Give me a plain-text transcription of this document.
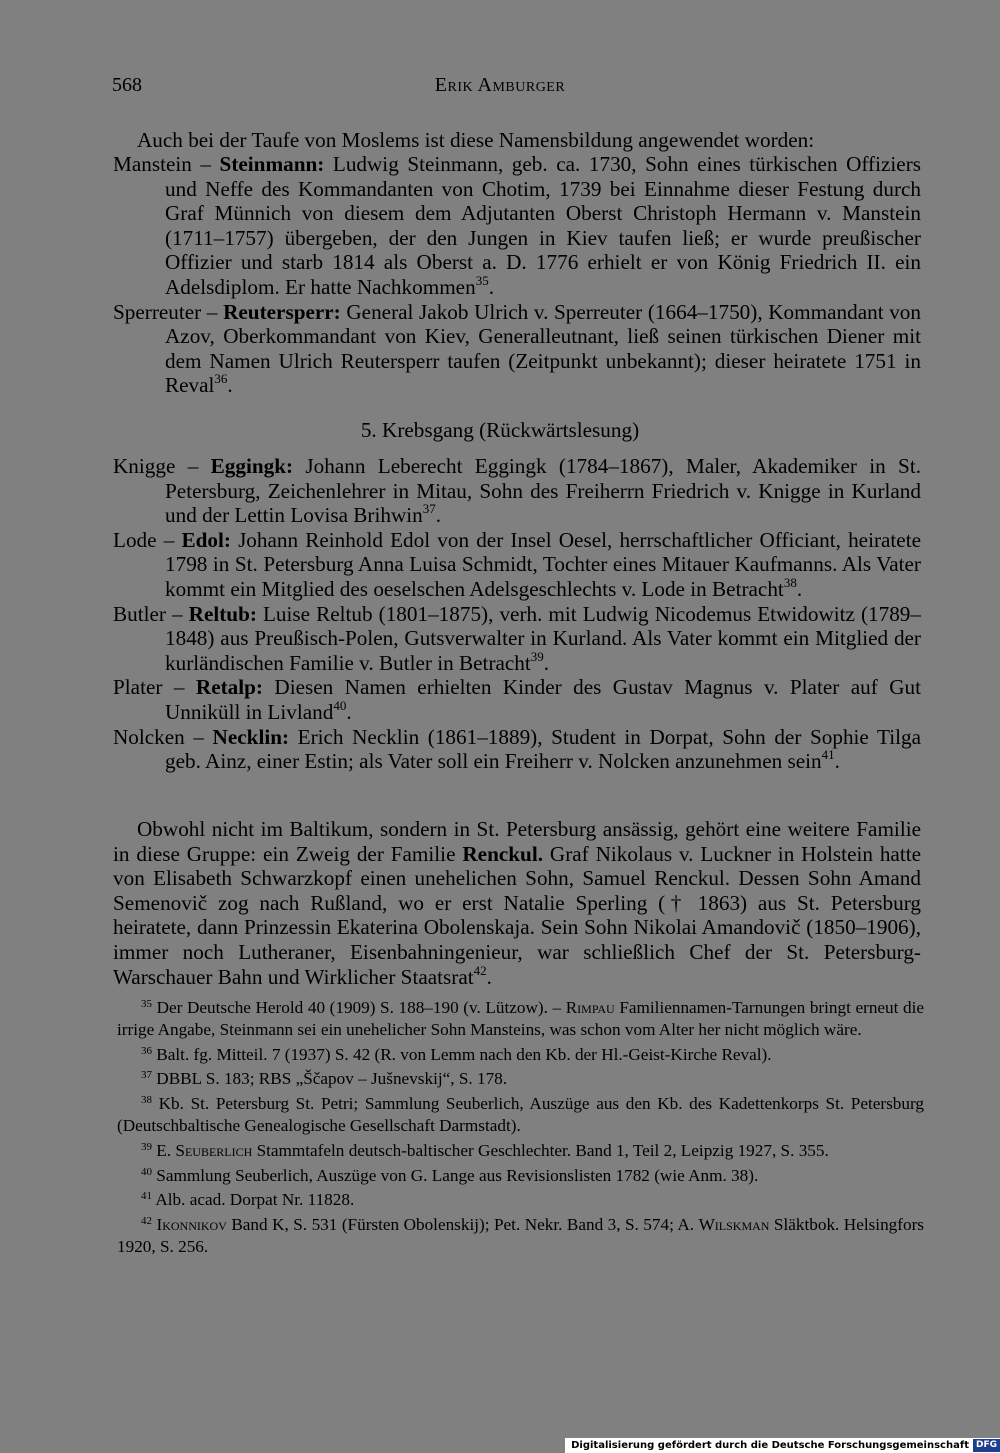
568	Erik Amburger
Auch bei der Taufe von Moslems ist diese Namensbildung angewendet worden:
Manstein – Steinmann: Ludwig Steinmann, geb. ca. 1730, Sohn eines türkischen Offiziers und Neffe des Kommandanten von Chotim, 1739 bei Einnahme dieser Festung durch Graf Münnich von diesem dem Adjutanten Oberst Christoph Hermann v. Manstein (1711–1757) übergeben, der den Jungen in Kiev taufen ließ; er wurde preußischer Offizier und starb 1814 als Oberst a. D. 1776 erhielt er von König Friedrich II. ein Adelsdiplom. Er hatte Nachkommen$^{35}$.
Sperreuter – Reutersperr: General Jakob Ulrich v. Sperreuter (1664–1750), Kommandant von Azov, Oberkommandant von Kiev, Generalleutnant, ließ seinen türkischen Diener mit dem Namen Ulrich Reutersperr taufen (Zeitpunkt unbekannt); dieser heiratete 1751 in Reval$^{36}$.
5. Krebsgang (Rückwärtslesung)
Knigge – Eggingk: Johann Leberecht Eggingk (1784–1867), Maler, Akademiker in St. Petersburg, Zeichenlehrer in Mitau, Sohn des Freiherrn Friedrich v. Knigge in Kurland und der Lettin Lovisa Brihwin$^{37}$.
Lode – Edol: Johann Reinhold Edol von der Insel Oesel, herrschaftlicher Officiant, heiratete 1798 in St. Petersburg Anna Luisa Schmidt, Tochter eines Mitauer Kaufmanns. Als Vater kommt ein Mitglied des oeselschen Adelsgeschlechts v. Lode in Betracht$^{38}$.
Butler – Reltub: Luise Reltub (1801–1875), verh. mit Ludwig Nicodemus Etwidowitz (1789–1848) aus Preußisch-Polen, Gutsverwalter in Kurland. Als Vater kommt ein Mitglied der kurländischen Familie v. Butler in Betracht$^{39}$.
Plater – Retalp: Diesen Namen erhielten Kinder des Gustav Magnus v. Plater auf Gut Unniküll in Livland$^{40}$.
Nolcken – Necklin: Erich Necklin (1861–1889), Student in Dorpat, Sohn der Sophie Tilga geb. Ainz, einer Estin; als Vater soll ein Freiherr v. Nolcken anzunehmen sein$^{41}$.
Obwohl nicht im Baltikum, sondern in St. Petersburg ansässig, gehört eine weitere Familie in diese Gruppe: ein Zweig der Familie Renckul. Graf Nikolaus v. Luckner in Holstein hatte von Elisabeth Schwarzkopf einen unehelichen Sohn, Samuel Renckul. Dessen Sohn Amand Semenovič zog nach Rußland, wo er erst Natalie Sperling († 1863) aus St. Petersburg heiratete, dann Prinzessin Ekaterina Obolenskaja. Sein Sohn Nikolai Amandovič (1850–1906), immer noch Lutheraner, Eisenbahningenieur, war schließlich Chef der St. Petersburg-Warschauer Bahn und Wirklicher Staatsrat$^{42}$.
$^{35}$ Der Deutsche Herold 40 (1909) S. 188–190 (v. Lützow). – Rimpau Familiennamen-Tarnungen bringt erneut die irrige Angabe, Steinmann sei ein unehelicher Sohn Mansteins, was schon vom Alter her nicht möglich wäre.
$^{36}$ Balt. fg. Mitteil. 7 (1937) S. 42 (R. von Lemm nach den Kb. der Hl.-Geist-Kirche Reval).
$^{37}$ DBBL S. 183; RBS „Ščapov – Jušnevskij“, S. 178.
$^{38}$ Kb. St. Petersburg St. Petri; Sammlung Seuberlich, Auszüge aus den Kb. des Kadettenkorps St. Petersburg (Deutschbaltische Genealogische Gesellschaft Darmstadt).
$^{39}$ E. Seuberlich Stammtafeln deutsch-baltischer Geschlechter. Band 1, Teil 2, Leipzig 1927, S. 355.
$^{40}$ Sammlung Seuberlich, Auszüge von G. Lange aus Revisionslisten 1782 (wie Anm. 38).
$^{41}$ Alb. acad. Dorpat Nr. 11828.
$^{42}$ Ikonnikov Band K, S. 531 (Fürsten Obolenskij); Pet. Nekr. Band 3, S. 574; A. Wilskman Släktbok. Helsingfors 1920, S. 256.
Digitalisierung gefördert durch die Deutsche Forschungsgemeinschaft DFG
